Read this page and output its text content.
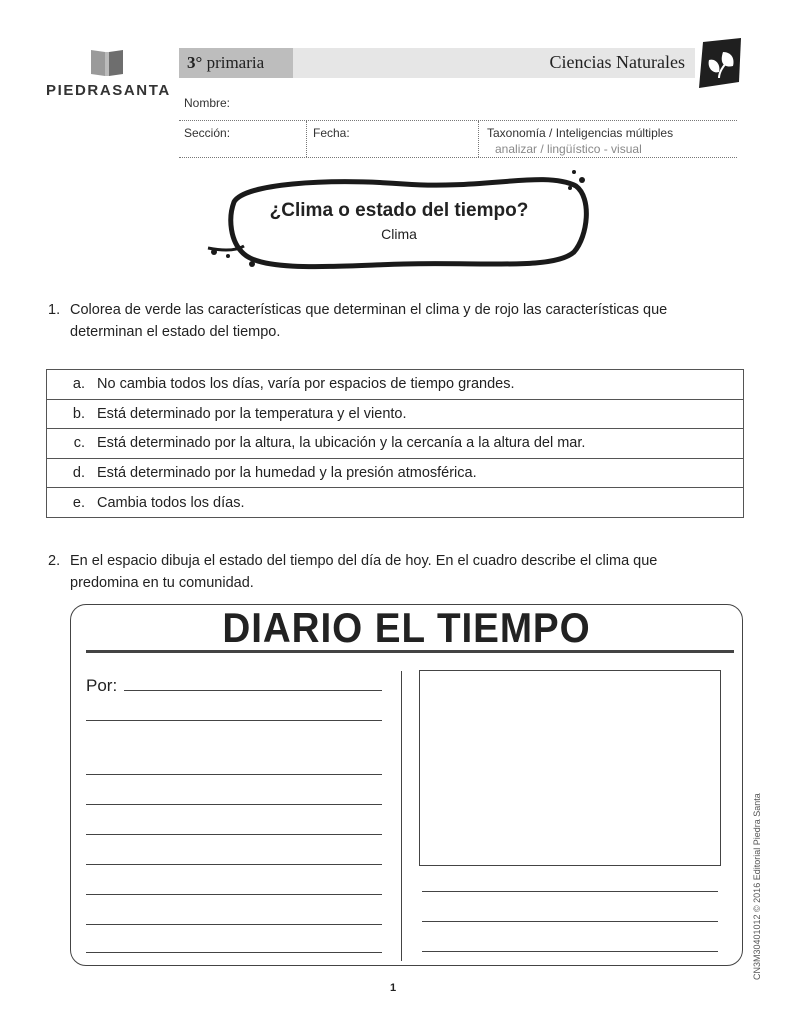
PIEDRASANTA
3° primaria	Ciencias Naturales
Nombre:
Sección:	Fecha:	Taxonomía / Inteligencias múltiples
analizar / lingüístico - visual
¿Clima o estado del tiempo?
Clima
1. Colorea de verde las características que determinan el clima y de rojo las características que
determinan el estado del tiempo.
a. No cambia todos los días, varía por espacios de tiempo grandes.
b. Está determinado por la temperatura y el viento.
c. Está determinado por la altura, la ubicación y la cercanía a la altura del mar.
d. Está determinado por la humedad y la presión atmosférica.
e. Cambia todos los días.
2. En el espacio dibuja el estado del tiempo del día de hoy. En el cuadro describe el clima que
predomina en tu comunidad.
DIARIO EL TIEMPO
Por:
CN3M30401012 © 2016 Editorial Piedra Santa
1
